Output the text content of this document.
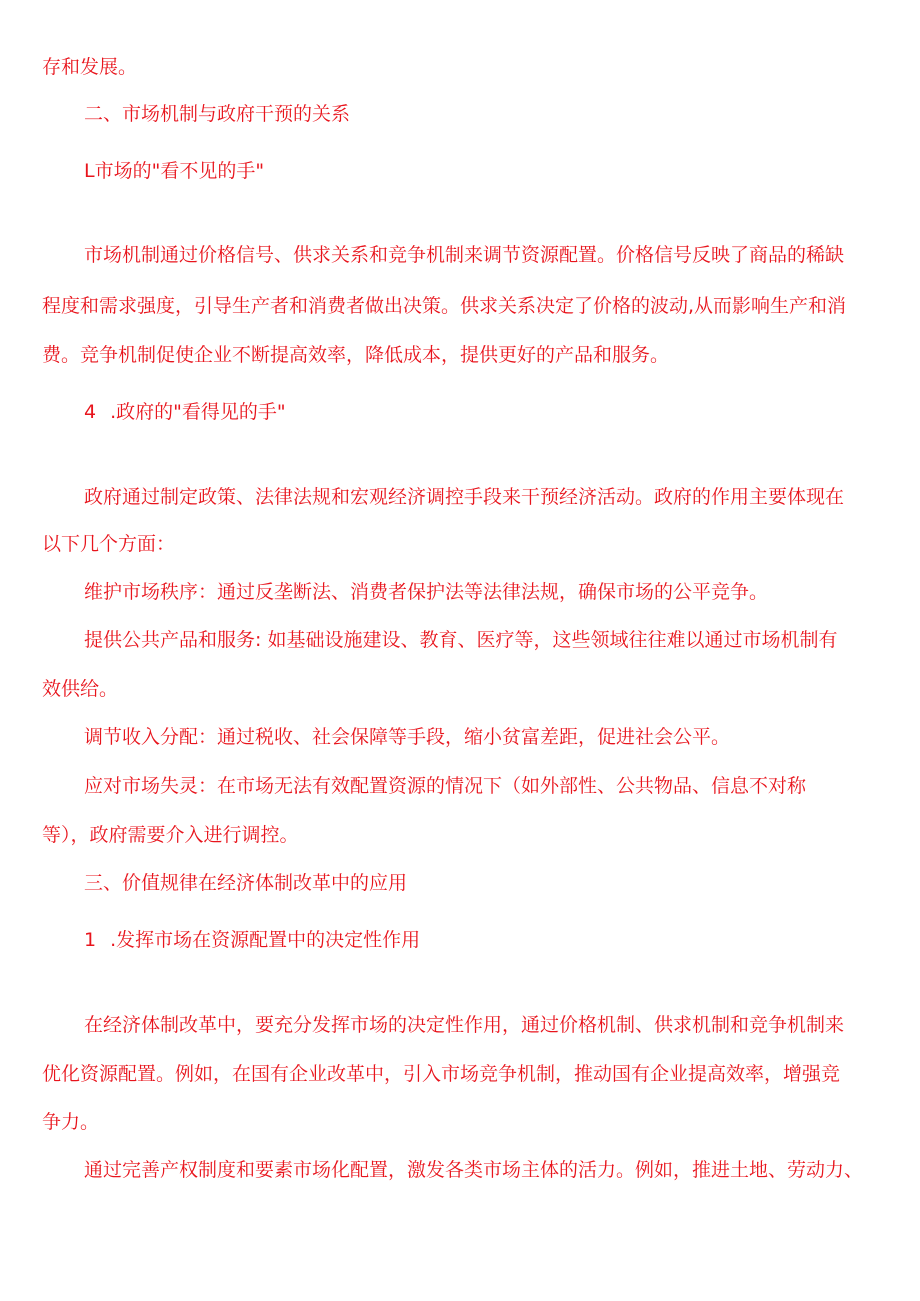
存和发展。
二、市场机制与政府干预的关系
L市场的"看不见的手"
市场机制通过价格信号、供求关系和竞争机制来调节资源配置。价格信号反映了商品的稀缺
程度和需求强度，引导生产者和消费者做出决策。供求关系决定了价格的波动,从而影响生产和消
费。竞争机制促使企业不断提高效率，降低成本，提供更好的产品和服务。
4 .政府的"看得见的手"
政府通过制定政策、法律法规和宏观经济调控手段来干预经济活动。政府的作用主要体现在
以下几个方面：
维护市场秩序：通过反垄断法、消费者保护法等法律法规，确保市场的公平竞争。
提供公共产品和服务: 如基础设施建设、教育、医疗等，这些领域往往难以通过市场机制有
效供给。
调节收入分配：通过税收、社会保障等手段，缩小贫富差距，促进社会公平。
应对市场失灵：在市场无法有效配置资源的情况下（如外部性、公共物品、信息不对称
等），政府需要介入进行调控。
三、价值规律在经济体制改革中的应用
1 .发挥市场在资源配置中的决定性作用
在经济体制改革中，要充分发挥市场的决定性作用，通过价格机制、供求机制和竞争机制来
优化资源配置。例如，在国有企业改革中，引入市场竞争机制，推动国有企业提高效率，增强竞
争力。
通过完善产权制度和要素市场化配置，激发各类市场主体的活力。例如，推进土地、劳动力、
